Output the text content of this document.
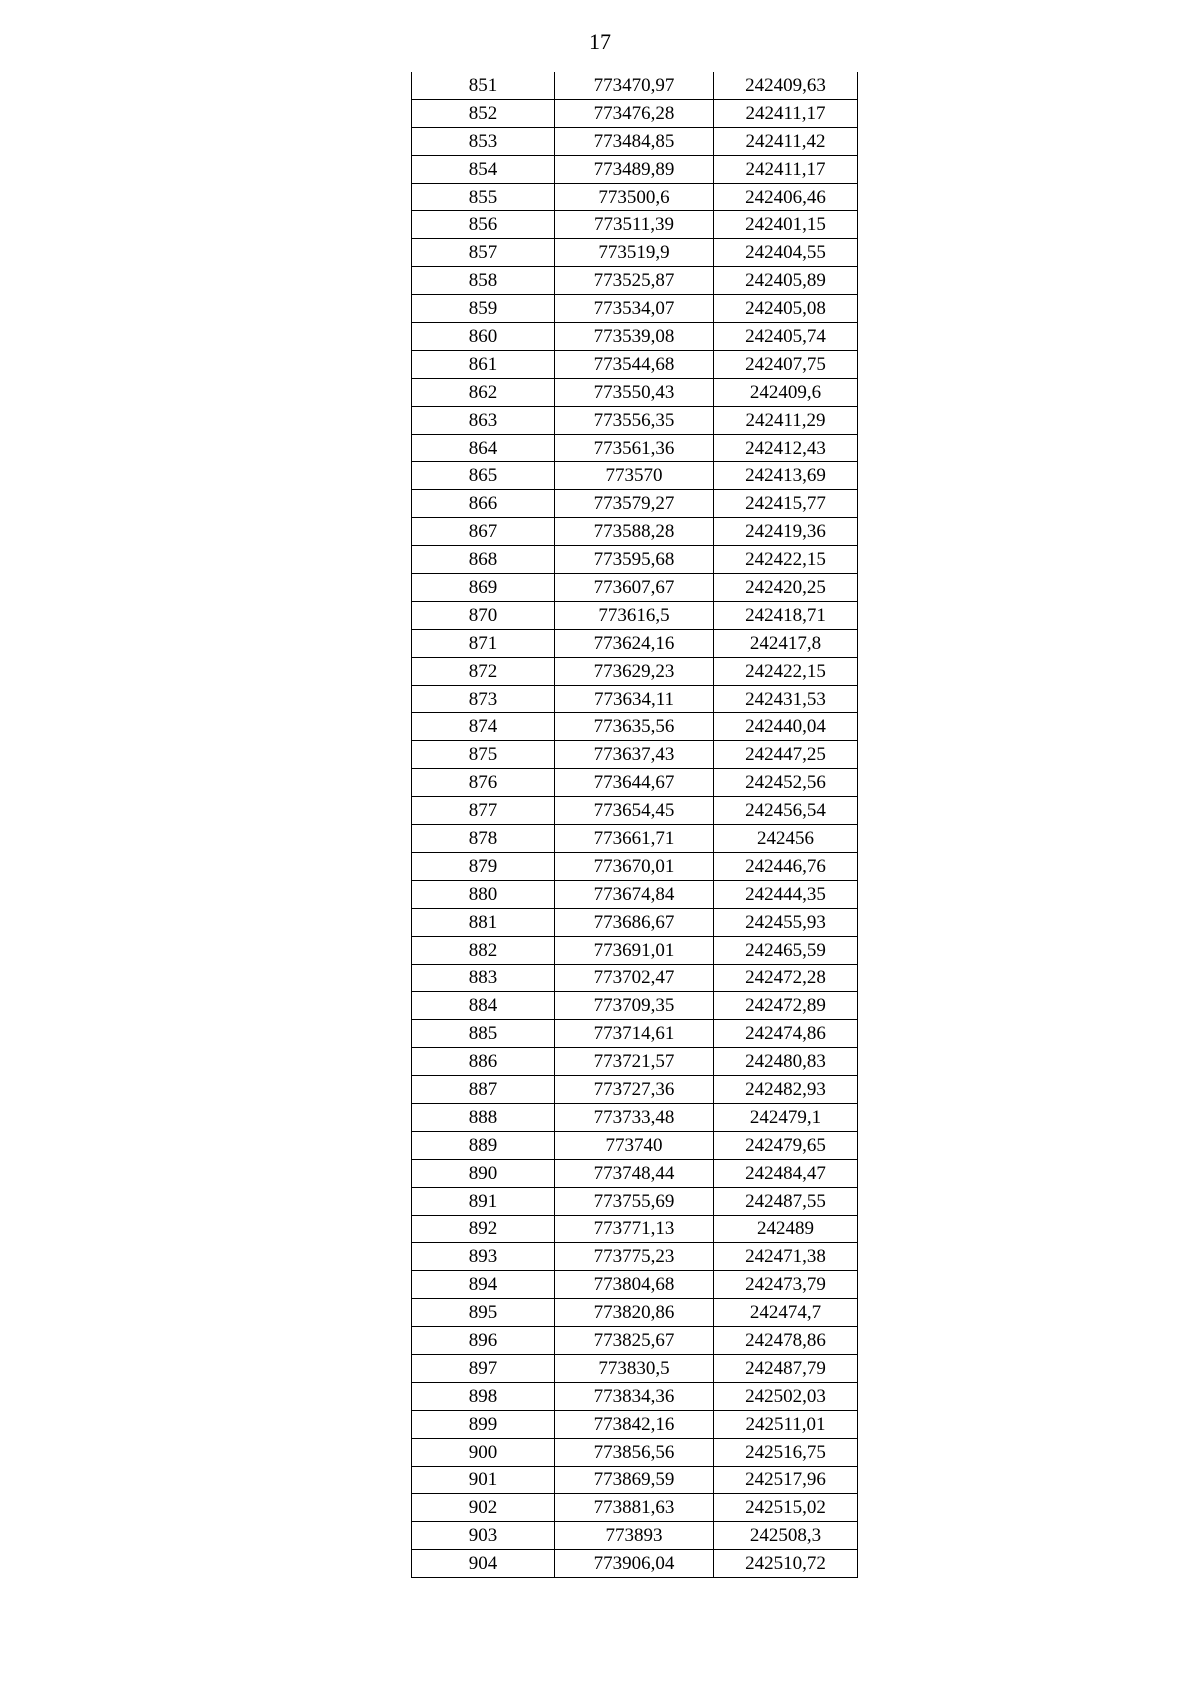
17
851	773470,97	242409,63
852	773476,28	242411,17
853	773484,85	242411,42
854	773489,89	242411,17
855	773500,6	242406,46
856	773511,39	242401,15
857	773519,9	242404,55
858	773525,87	242405,89
859	773534,07	242405,08
860	773539,08	242405,74
861	773544,68	242407,75
862	773550,43	242409,6
863	773556,35	242411,29
864	773561,36	242412,43
865	773570	242413,69
866	773579,27	242415,77
867	773588,28	242419,36
868	773595,68	242422,15
869	773607,67	242420,25
870	773616,5	242418,71
871	773624,16	242417,8
872	773629,23	242422,15
873	773634,11	242431,53
874	773635,56	242440,04
875	773637,43	242447,25
876	773644,67	242452,56
877	773654,45	242456,54
878	773661,71	242456
879	773670,01	242446,76
880	773674,84	242444,35
881	773686,67	242455,93
882	773691,01	242465,59
883	773702,47	242472,28
884	773709,35	242472,89
885	773714,61	242474,86
886	773721,57	242480,83
887	773727,36	242482,93
888	773733,48	242479,1
889	773740	242479,65
890	773748,44	242484,47
891	773755,69	242487,55
892	773771,13	242489
893	773775,23	242471,38
894	773804,68	242473,79
895	773820,86	242474,7
896	773825,67	242478,86
897	773830,5	242487,79
898	773834,36	242502,03
899	773842,16	242511,01
900	773856,56	242516,75
901	773869,59	242517,96
902	773881,63	242515,02
903	773893	242508,3
904	773906,04	242510,72
